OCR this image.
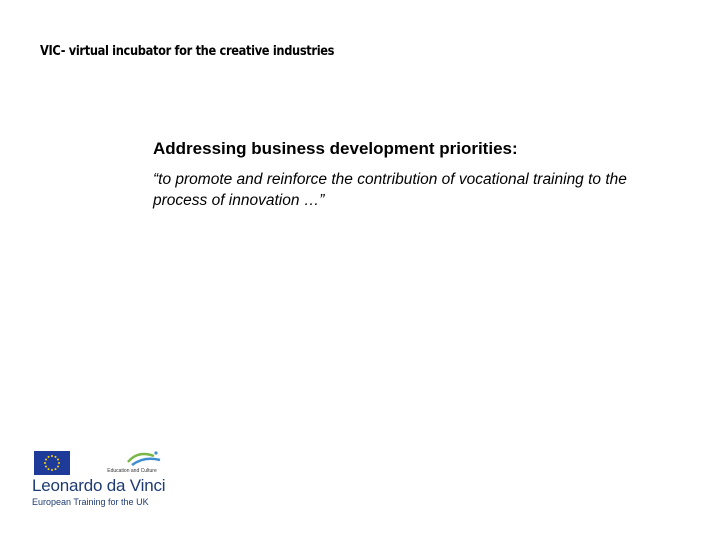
VIC- virtual incubator for the creative industries
Addressing business development priorities:
“to promote and reinforce the contribution of vocational training to the process of innovation …”
Education and Culture
Leonardo da Vinci
European Training for the UK
